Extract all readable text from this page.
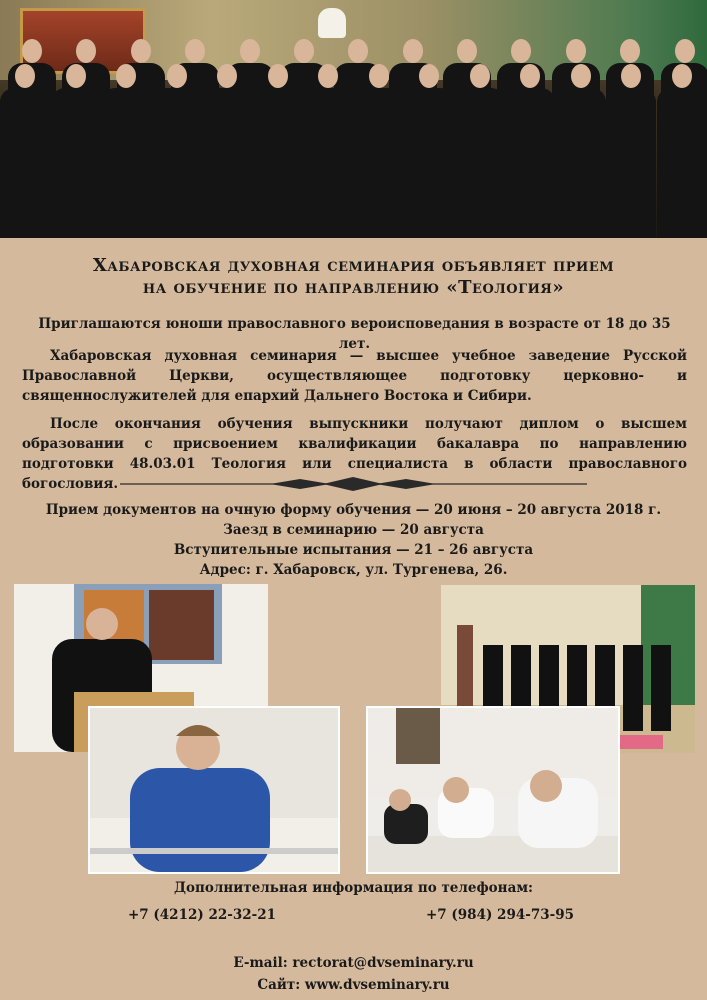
Хабаровская духовная семинария объявляет прием
на обучение по направлению «Теология»
Приглашаются юноши православного вероисповедания в возрасте от 18 до 35 лет.
Хабаровская духовная семинария — высшее учебное заведение Русской Православной Церкви, осуществляющее подготовку церковно- и священнослужителей для епархий Дальнего Востока и Сибири.
После окончания обучения выпускники получают диплом о высшем образовании с присвоением квалификации бакалавра по направлению подготовки 48.03.01 Теология или специалиста в области православного богословия.
Прием документов на очную форму обучения — 20 июня – 20 августа 2018 г.
Заезд в семинарию — 20 августа
Вступительные испытания — 21 – 26 августа
Адрес: г. Хабаровск, ул. Тургенева, 26.
Дополнительная информация по телефонам:
+7 (4212) 22-32-21	+7 (984) 294-73-95
E-mail: rectorat@dvseminary.ru
Сайт: www.dvseminary.ru
